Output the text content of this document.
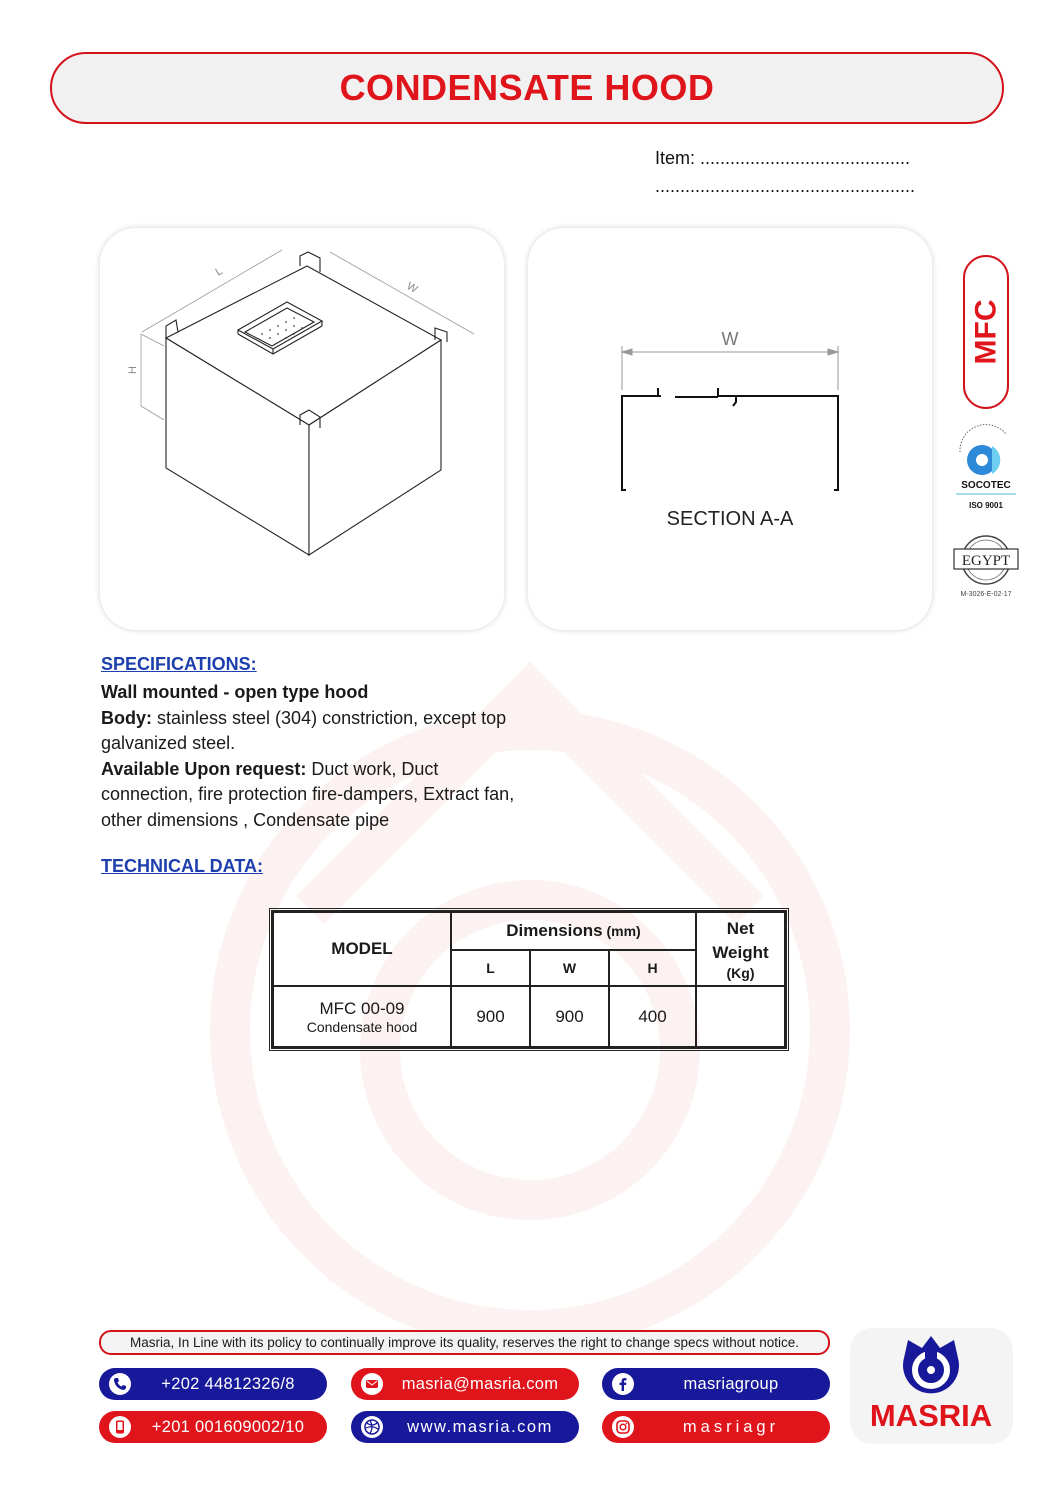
CONDENSATE HOOD
Item: ..........................................
....................................................
L
W
H
W
SECTION A-A
MFC
SOCOTEC
ISO 9001
EGYPT
M-3026-E-02-17
SPECIFICATIONS:
Wall mounted - open type hood
Body: stainless steel (304) constriction, except top galvanized steel.
Available Upon request: Duct work, Duct connection, fire protection fire-dampers, Extract fan, other dimensions , Condensate pipe
TECHNICAL DATA:
MODEL	Dimensions (mm)			Net Weight
(Kg)

	L	W	H	

MFC 00-09
Condensate hood	900	900	400	
Masria, In Line with its policy to continually improve its quality, reserves the right to change specs without notice.
+202 44812326/8	masria@masria.com	masriagroup
+201 001609002/10	www.masria.com	masriagr	MASRIA
